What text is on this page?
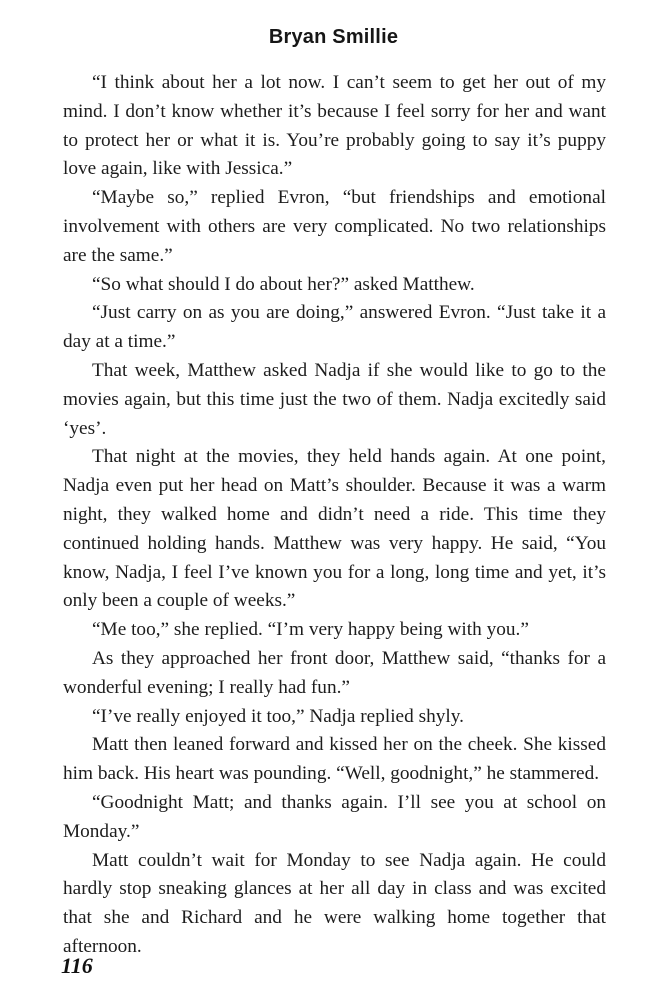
Bryan Smillie

“I think about her a lot now. I can’t seem to get her out of my mind. I don’t know whether it’s because I feel sorry for her and want to protect her or what it is. You’re probably going to say it’s puppy love again, like with Jessica.”

“Maybe so,” replied Evron, “but friendships and emotional involvement with others are very complicated. No two relationships are the same.”

“So what should I do about her?” asked Matthew.

“Just carry on as you are doing,” answered Evron. “Just take it a day at a time.”

That week, Matthew asked Nadja if she would like to go to the movies again, but this time just the two of them. Nadja excitedly said ‘yes’.

That night at the movies, they held hands again. At one point, Nadja even put her head on Matt’s shoulder. Because it was a warm night, they walked home and didn’t need a ride. This time they continued holding hands. Matthew was very happy. He said, “You know, Nadja, I feel I’ve known you for a long, long time and yet, it’s only been a couple of weeks.”

“Me too,” she replied. “I’m very happy being with you.”

As they approached her front door, Matthew said, “thanks for a wonderful evening; I really had fun.”

“I’ve really enjoyed it too,” Nadja replied shyly.

Matt then leaned forward and kissed her on the cheek. She kissed him back. His heart was pounding. “Well, goodnight,” he stammered.

“Goodnight Matt; and thanks again. I’ll see you at school on Monday.”

Matt couldn’t wait for Monday to see Nadja again. He could hardly stop sneaking glances at her all day in class and was excited that she and Richard and he were walking home together that afternoon.

116
